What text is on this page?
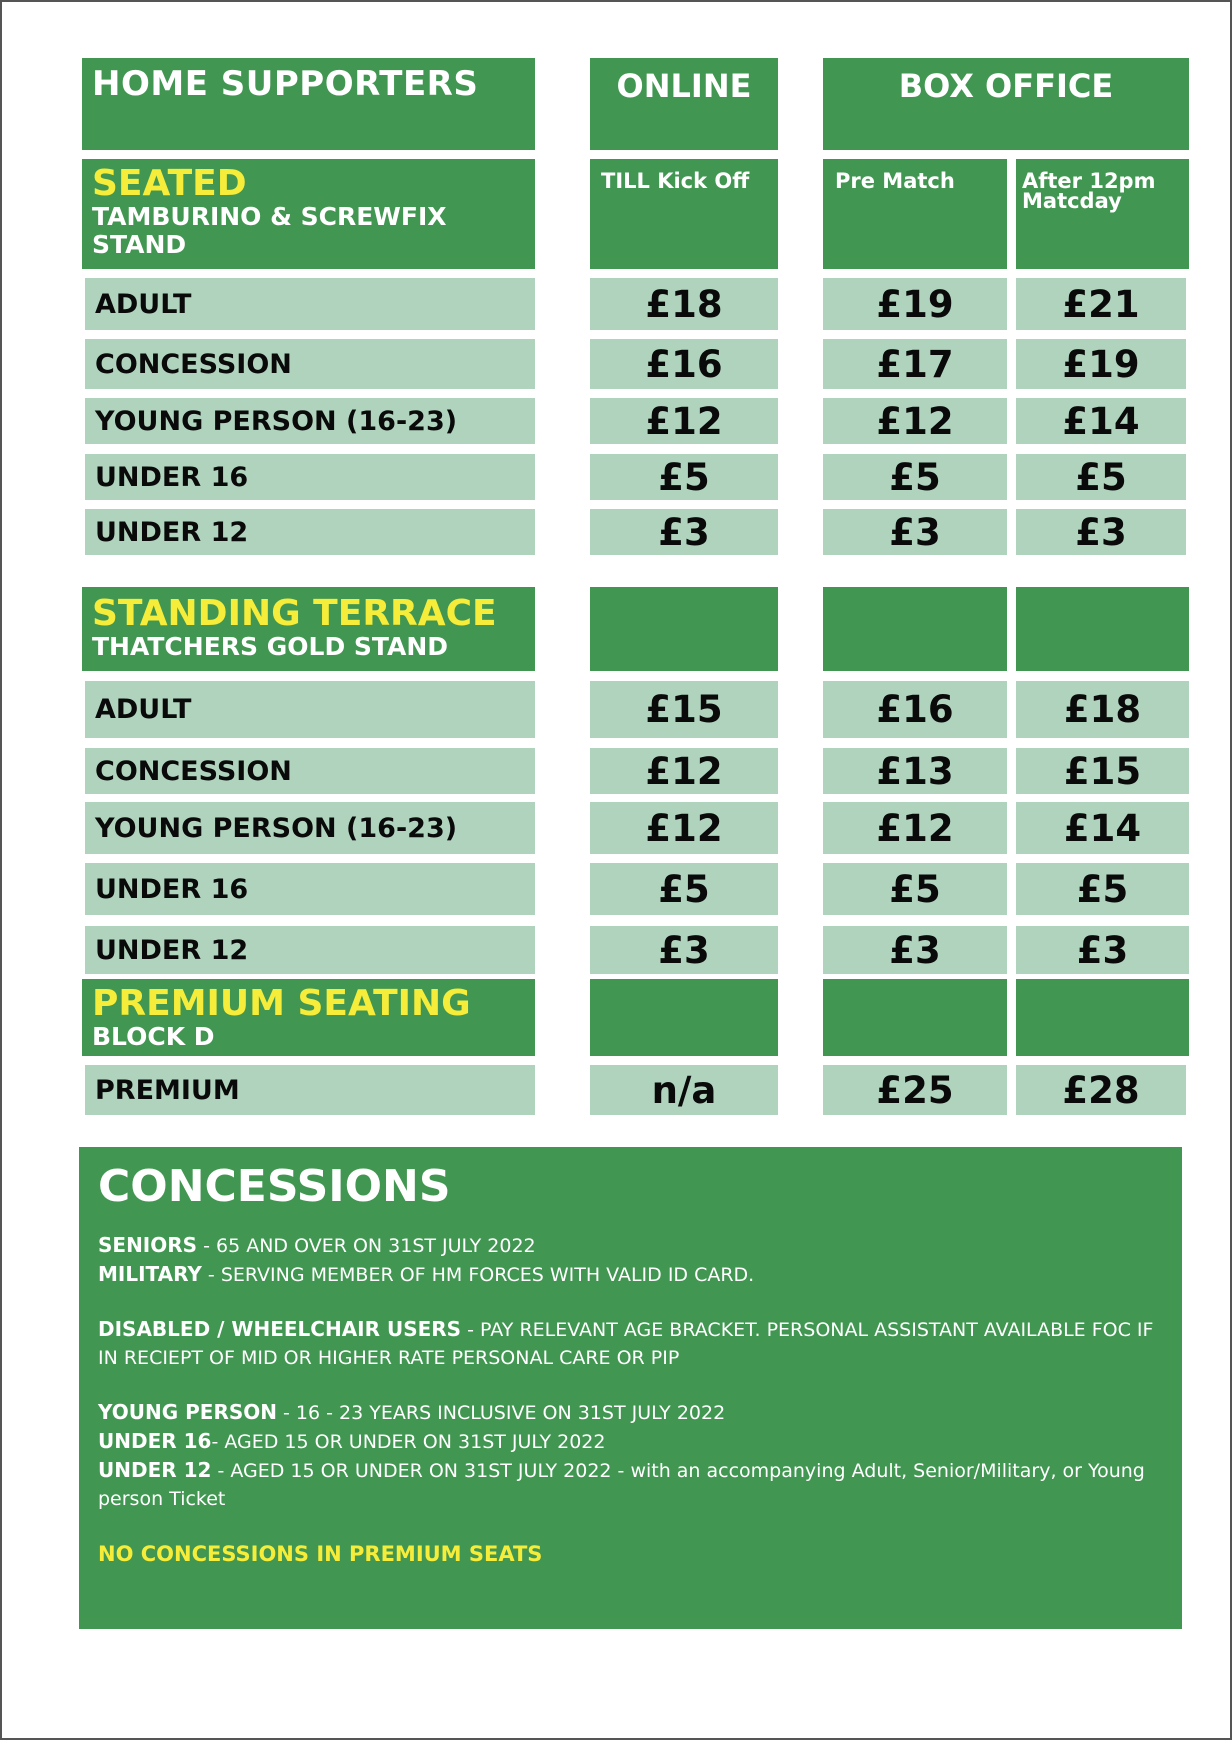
HOME SUPPORTERS	ONLINE	BOX OFFICE
SEATED
TAMBURINO & SCREWFIX
STAND
TILL Kick Off	Pre Match	After 12pm
Matcday
ADULT	£18	£19	£21
CONCESSION	£16	£17	£19
YOUNG PERSON (16-23)	£12	£12	£14
UNDER 16	£5	£5	£5
UNDER 12	£3	£3	£3
STANDING TERRACE
THATCHERS GOLD STAND
ADULT	£15	£16	£18
CONCESSION	£12	£13	£15
YOUNG PERSON (16-23)	£12	£12	£14
UNDER 16	£5	£5	£5
UNDER 12	£3	£3	£3
PREMIUM SEATING
BLOCK D
PREMIUM	n/a	£25	£28
CONCESSIONS
SENIORS - 65 AND OVER ON 31ST JULY 2022
MILITARY - SERVING MEMBER OF HM FORCES WITH VALID ID CARD.
DISABLED / WHEELCHAIR USERS - PAY RELEVANT AGE BRACKET. PERSONAL ASSISTANT AVAILABLE FOC IF IN RECIEPT OF MID OR HIGHER RATE PERSONAL CARE OR PIP
YOUNG PERSON - 16 - 23 YEARS INCLUSIVE ON 31ST JULY 2022
UNDER 16- AGED 15 OR UNDER ON 31ST JULY 2022
UNDER 12 - AGED 15 OR UNDER ON 31ST JULY 2022 - with an accompanying Adult, Senior/Military, or Young person Ticket
NO CONCESSIONS IN PREMIUM SEATS
